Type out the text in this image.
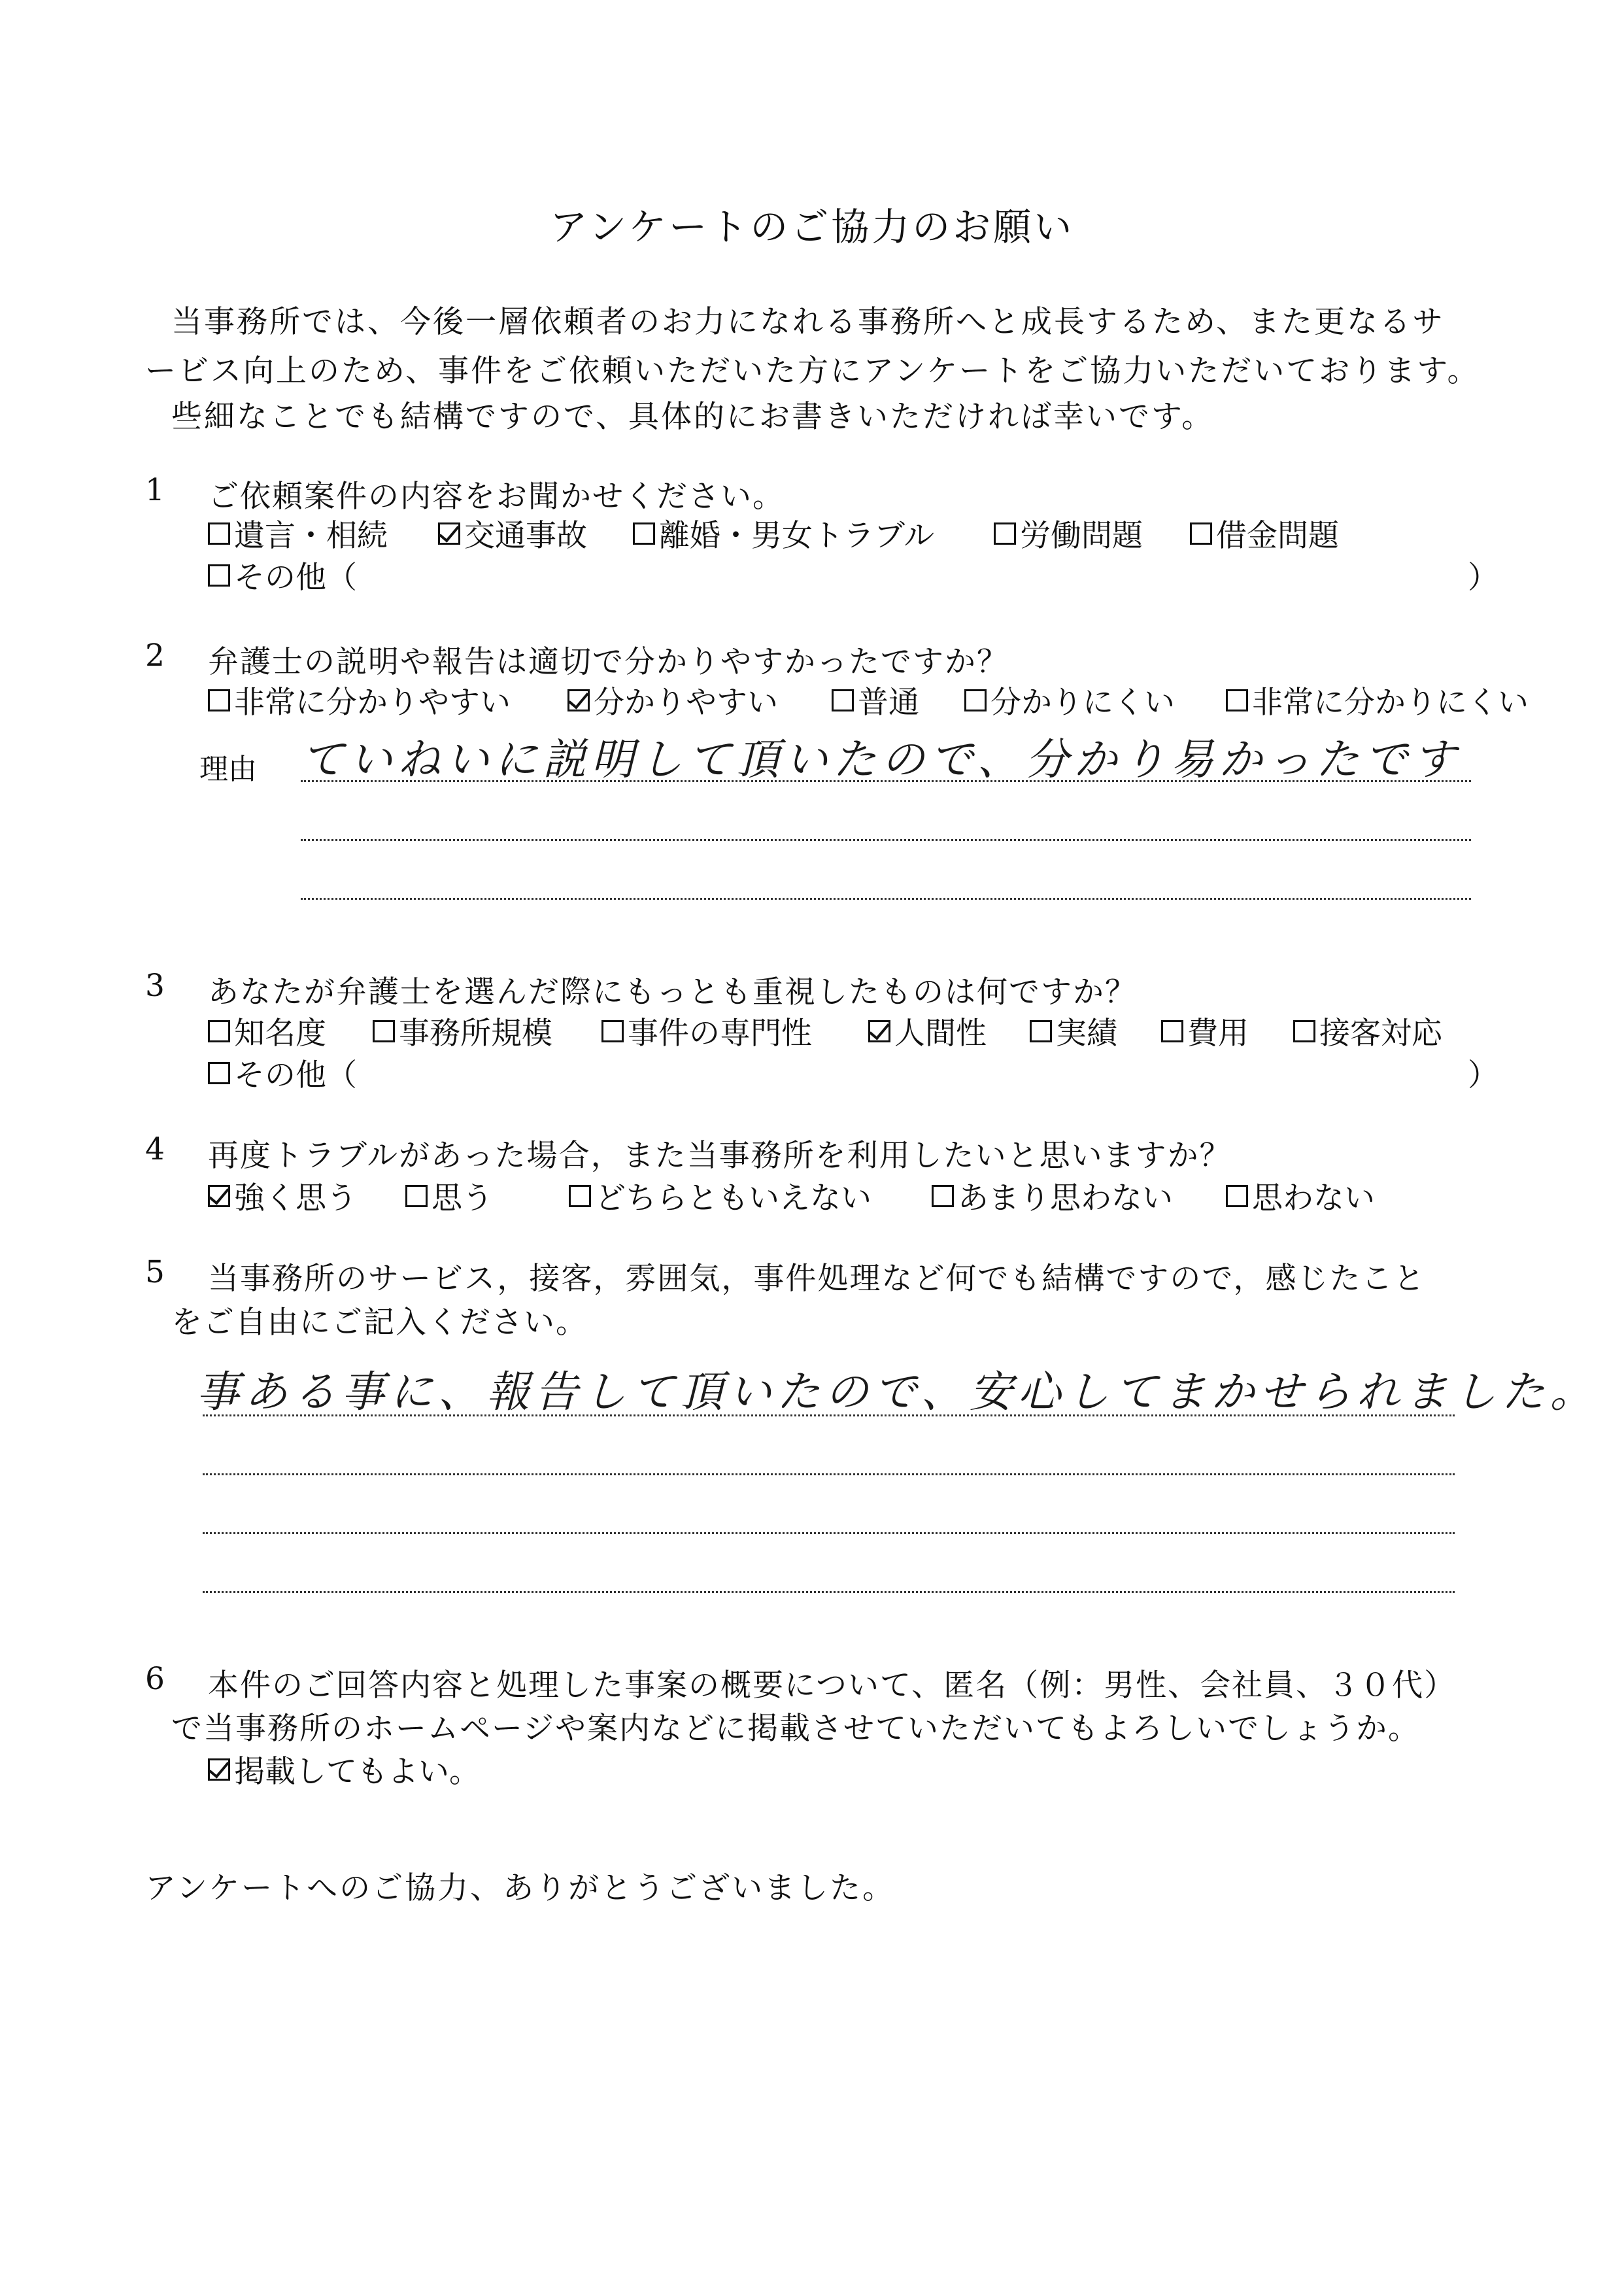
アンケートのご協力のお願い
当事務所では、今後一層依頼者のお力になれる事務所へと成長するため、また更なるサ
ービス向上のため、事件をご依頼いただいた方にアンケートをご協力いただいております。
些細なことでも結構ですので、具体的にお書きいただければ幸いです。
1 ご依頼案件の内容をお聞かせください。
遺言・相続 交通事故 離婚・男女トラブル	労働問題 借金問題
その他（	）
2 弁護士の説明や報告は適切で分かりやすかったですか？
非常に分かりやすい	分かりやすい	普通 分かりにくい	非常に分かりにくい
理由 ていねいに説明して頂いたので、分かり易かったです
3 あなたが弁護士を選んだ際にもっとも重視したものは何ですか？
知名度 事務所規模 事件の専門性	人間性 実績 費用 接客対応
その他（	）
4 再度トラブルがあった場合，また当事務所を利用したいと思いますか？
強く思う 思う	どちらともいえない	あまり思わない	思わない
5 当事務所のサービス，接客，雰囲気，事件処理など何でも結構ですので，感じたこと
をご自由にご記入ください。
事ある事に、報告して頂いたので、安心してまかせられました。
6 本件のご回答内容と処理した事案の概要について、匿名（例：男性、会社員、３０代）
で当事務所のホームページや案内などに掲載させていただいてもよろしいでしょうか。
掲載してもよい。
アンケートへのご協力、ありがとうございました。
